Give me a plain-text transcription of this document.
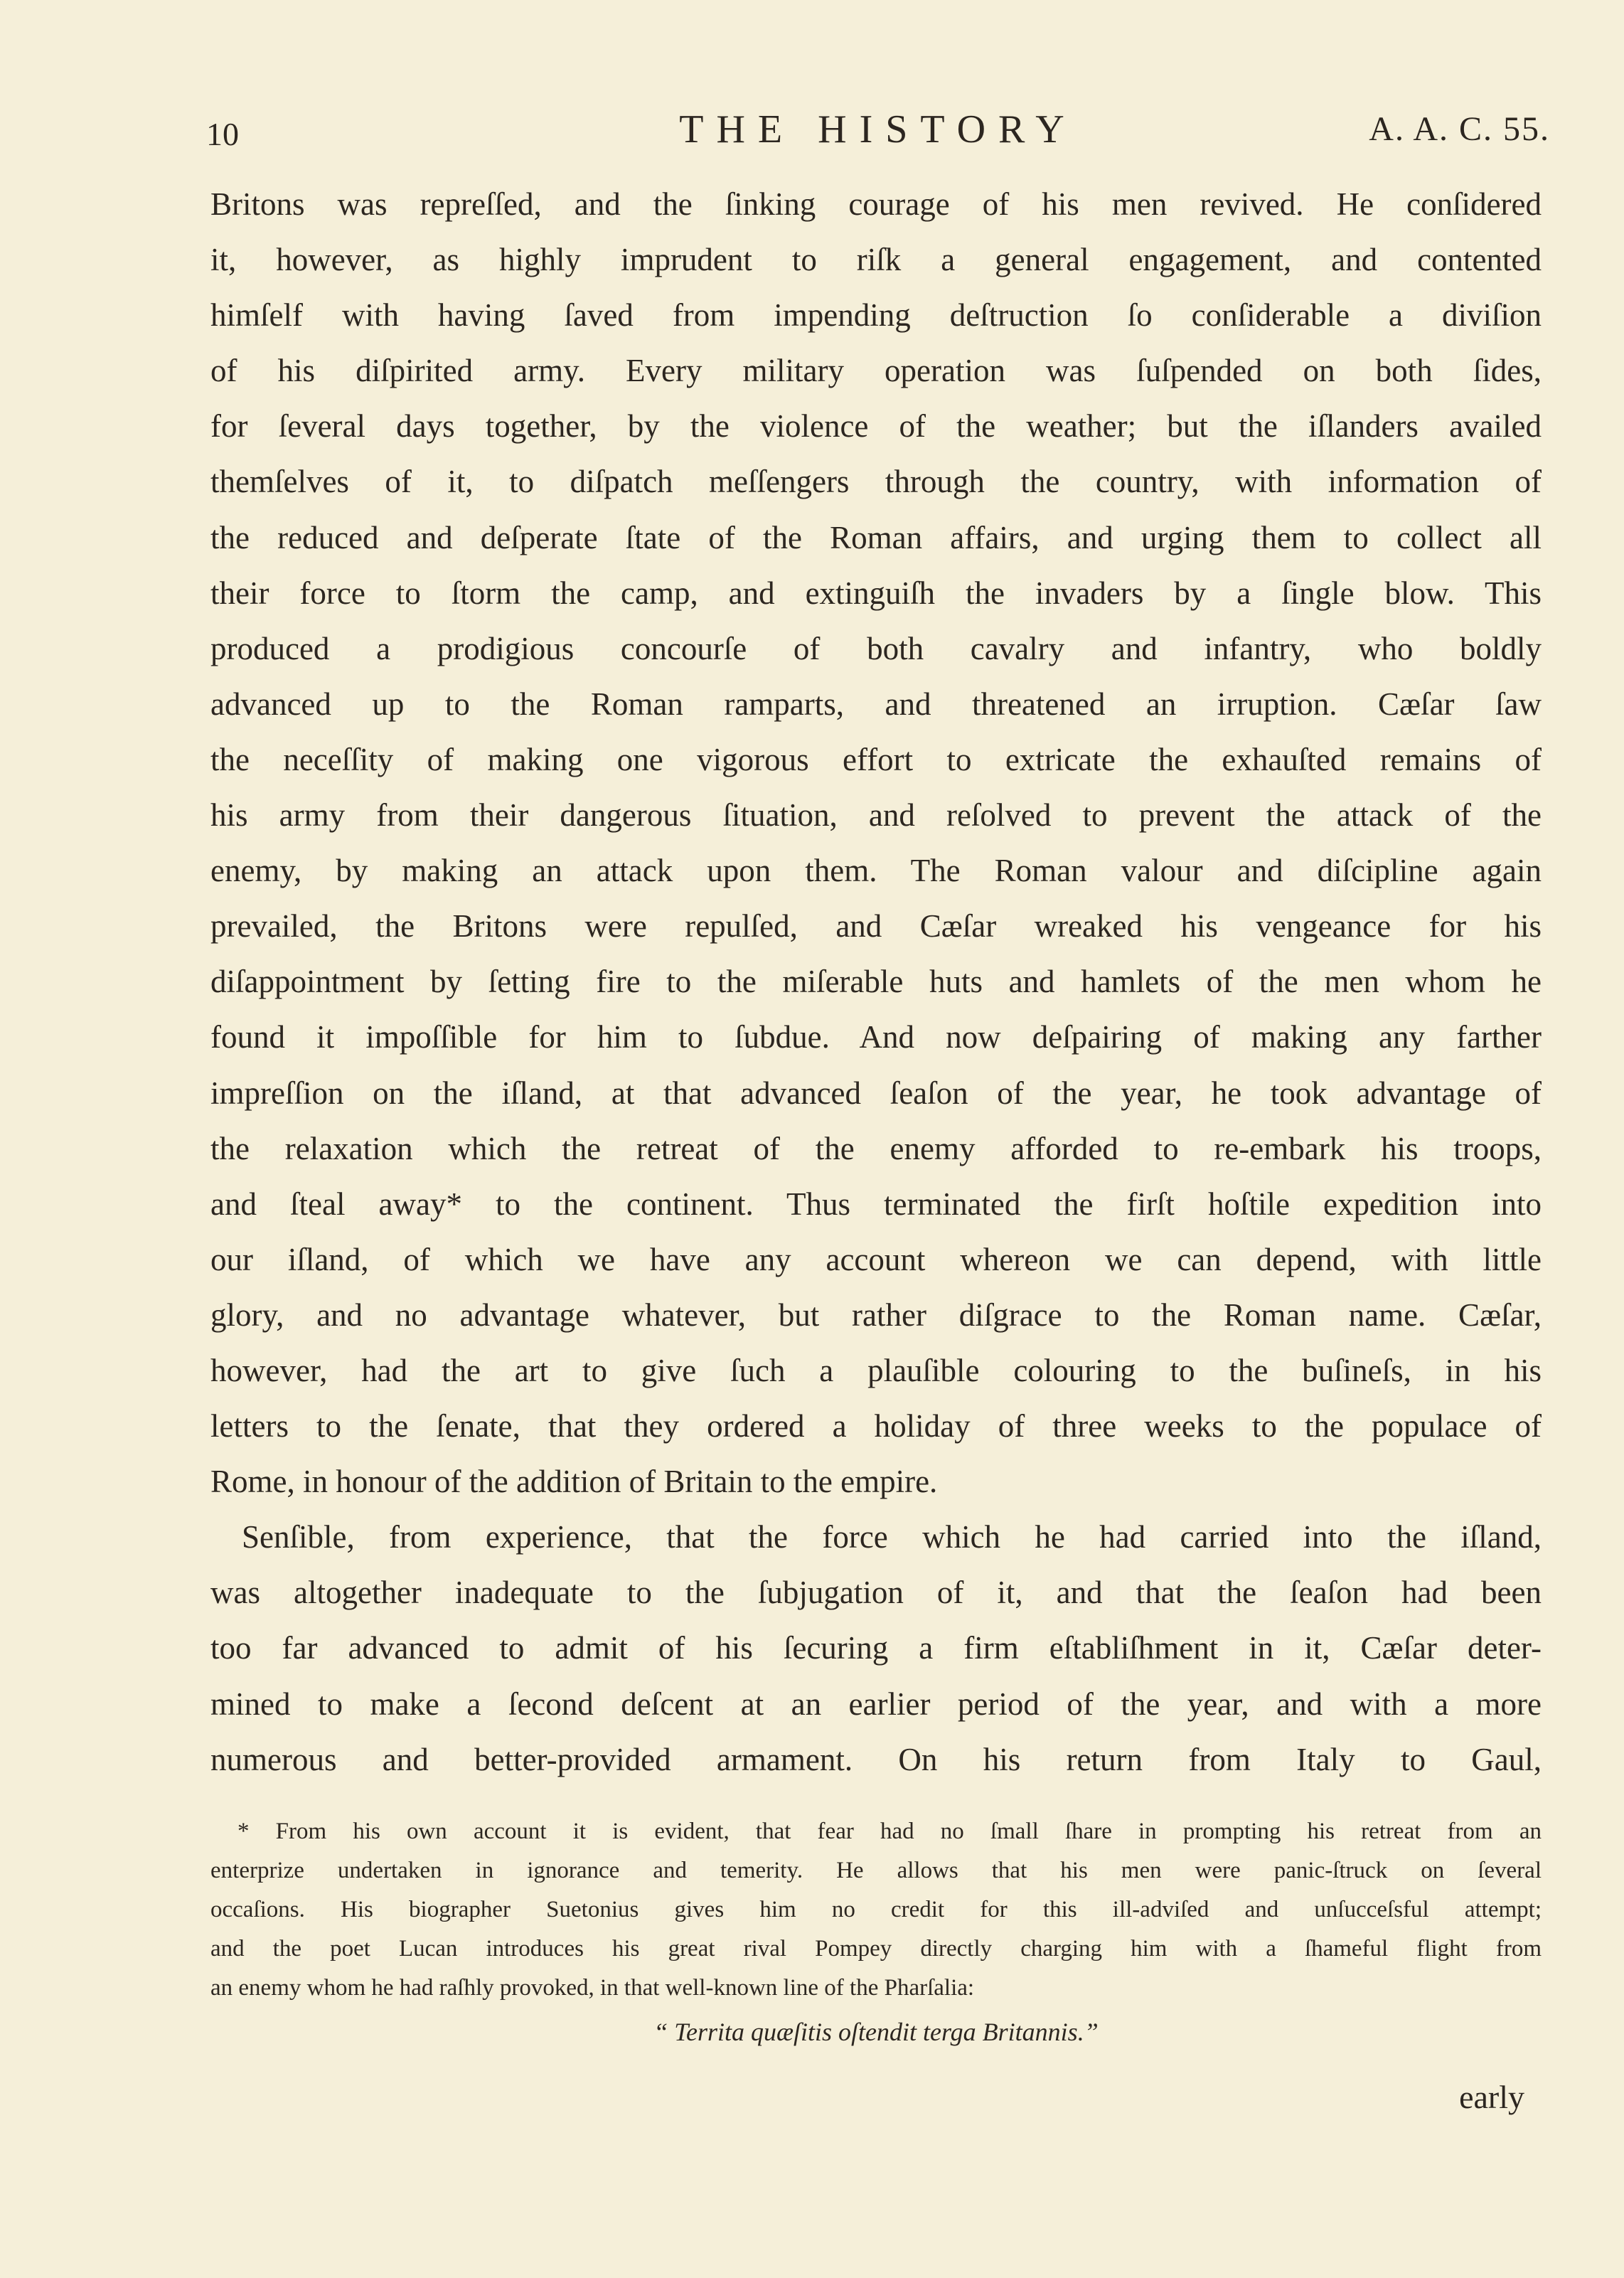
10	THE HISTORY	A. A. C. 55.
Britons was repreſſed, and the ſinking courage of his men revived. He conſidered
it, however, as highly imprudent to riſk a general engagement, and contented
himſelf with having ſaved from impending deſtruction ſo conſiderable a diviſion
of his diſpirited army. Every military operation was ſuſpended on both ſides,
for ſeveral days together, by the violence of the weather; but the iſlanders availed
themſelves of it, to diſpatch meſſengers through the country, with information of
the reduced and deſperate ſtate of the Roman affairs, and urging them to collect all
their force to ſtorm the camp, and extinguiſh the invaders by a ſingle blow. This
produced a prodigious concourſe of both cavalry and infantry, who boldly
advanced up to the Roman ramparts, and threatened an irruption. Cæſar ſaw
the neceſſity of making one vigorous effort to extricate the exhauſted remains of
his army from their dangerous ſituation, and reſolved to prevent the attack of the
enemy, by making an attack upon them. The Roman valour and diſcipline again
prevailed, the Britons were repulſed, and Cæſar wreaked his vengeance for his
diſappointment by ſetting fire to the miſerable huts and hamlets of the men whom he
found it impoſſible for him to ſubdue. And now deſpairing of making any farther
impreſſion on the iſland, at that advanced ſeaſon of the year, he took advantage of
the relaxation which the retreat of the enemy afforded to re-embark his troops,
and ſteal away* to the continent. Thus terminated the firſt hoſtile expedition into
our iſland, of which we have any account whereon we can depend, with little
glory, and no advantage whatever, but rather diſgrace to the Roman name. Cæſar,
however, had the art to give ſuch a plauſible colouring to the buſineſs, in his
letters to the ſenate, that they ordered a holiday of three weeks to the populace of
Rome, in honour of the addition of Britain to the empire.
Senſible, from experience, that the force which he had carried into the iſland,
was altogether inadequate to the ſubjugation of it, and that the ſeaſon had been
too far advanced to admit of his ſecuring a firm eſtabliſhment in it, Cæſar deter-
mined to make a ſecond deſcent at an earlier period of the year, and with a more
numerous and better-provided armament. On his return from Italy to Gaul,
* From his own account it is evident, that fear had no ſmall ſhare in prompting his retreat from an
enterprize undertaken in ignorance and temerity. He allows that his men were panic-ſtruck on ſeveral
occaſions. His biographer Suetonius gives him no credit for this ill-adviſed and unſucceſsful attempt;
and the poet Lucan introduces his great rival Pompey directly charging him with a ſhameful flight from
an enemy whom he had raſhly provoked, in that well-known line of the Pharſalia:
“ Territa quæſitis oſtendit terga Britannis.”
early
